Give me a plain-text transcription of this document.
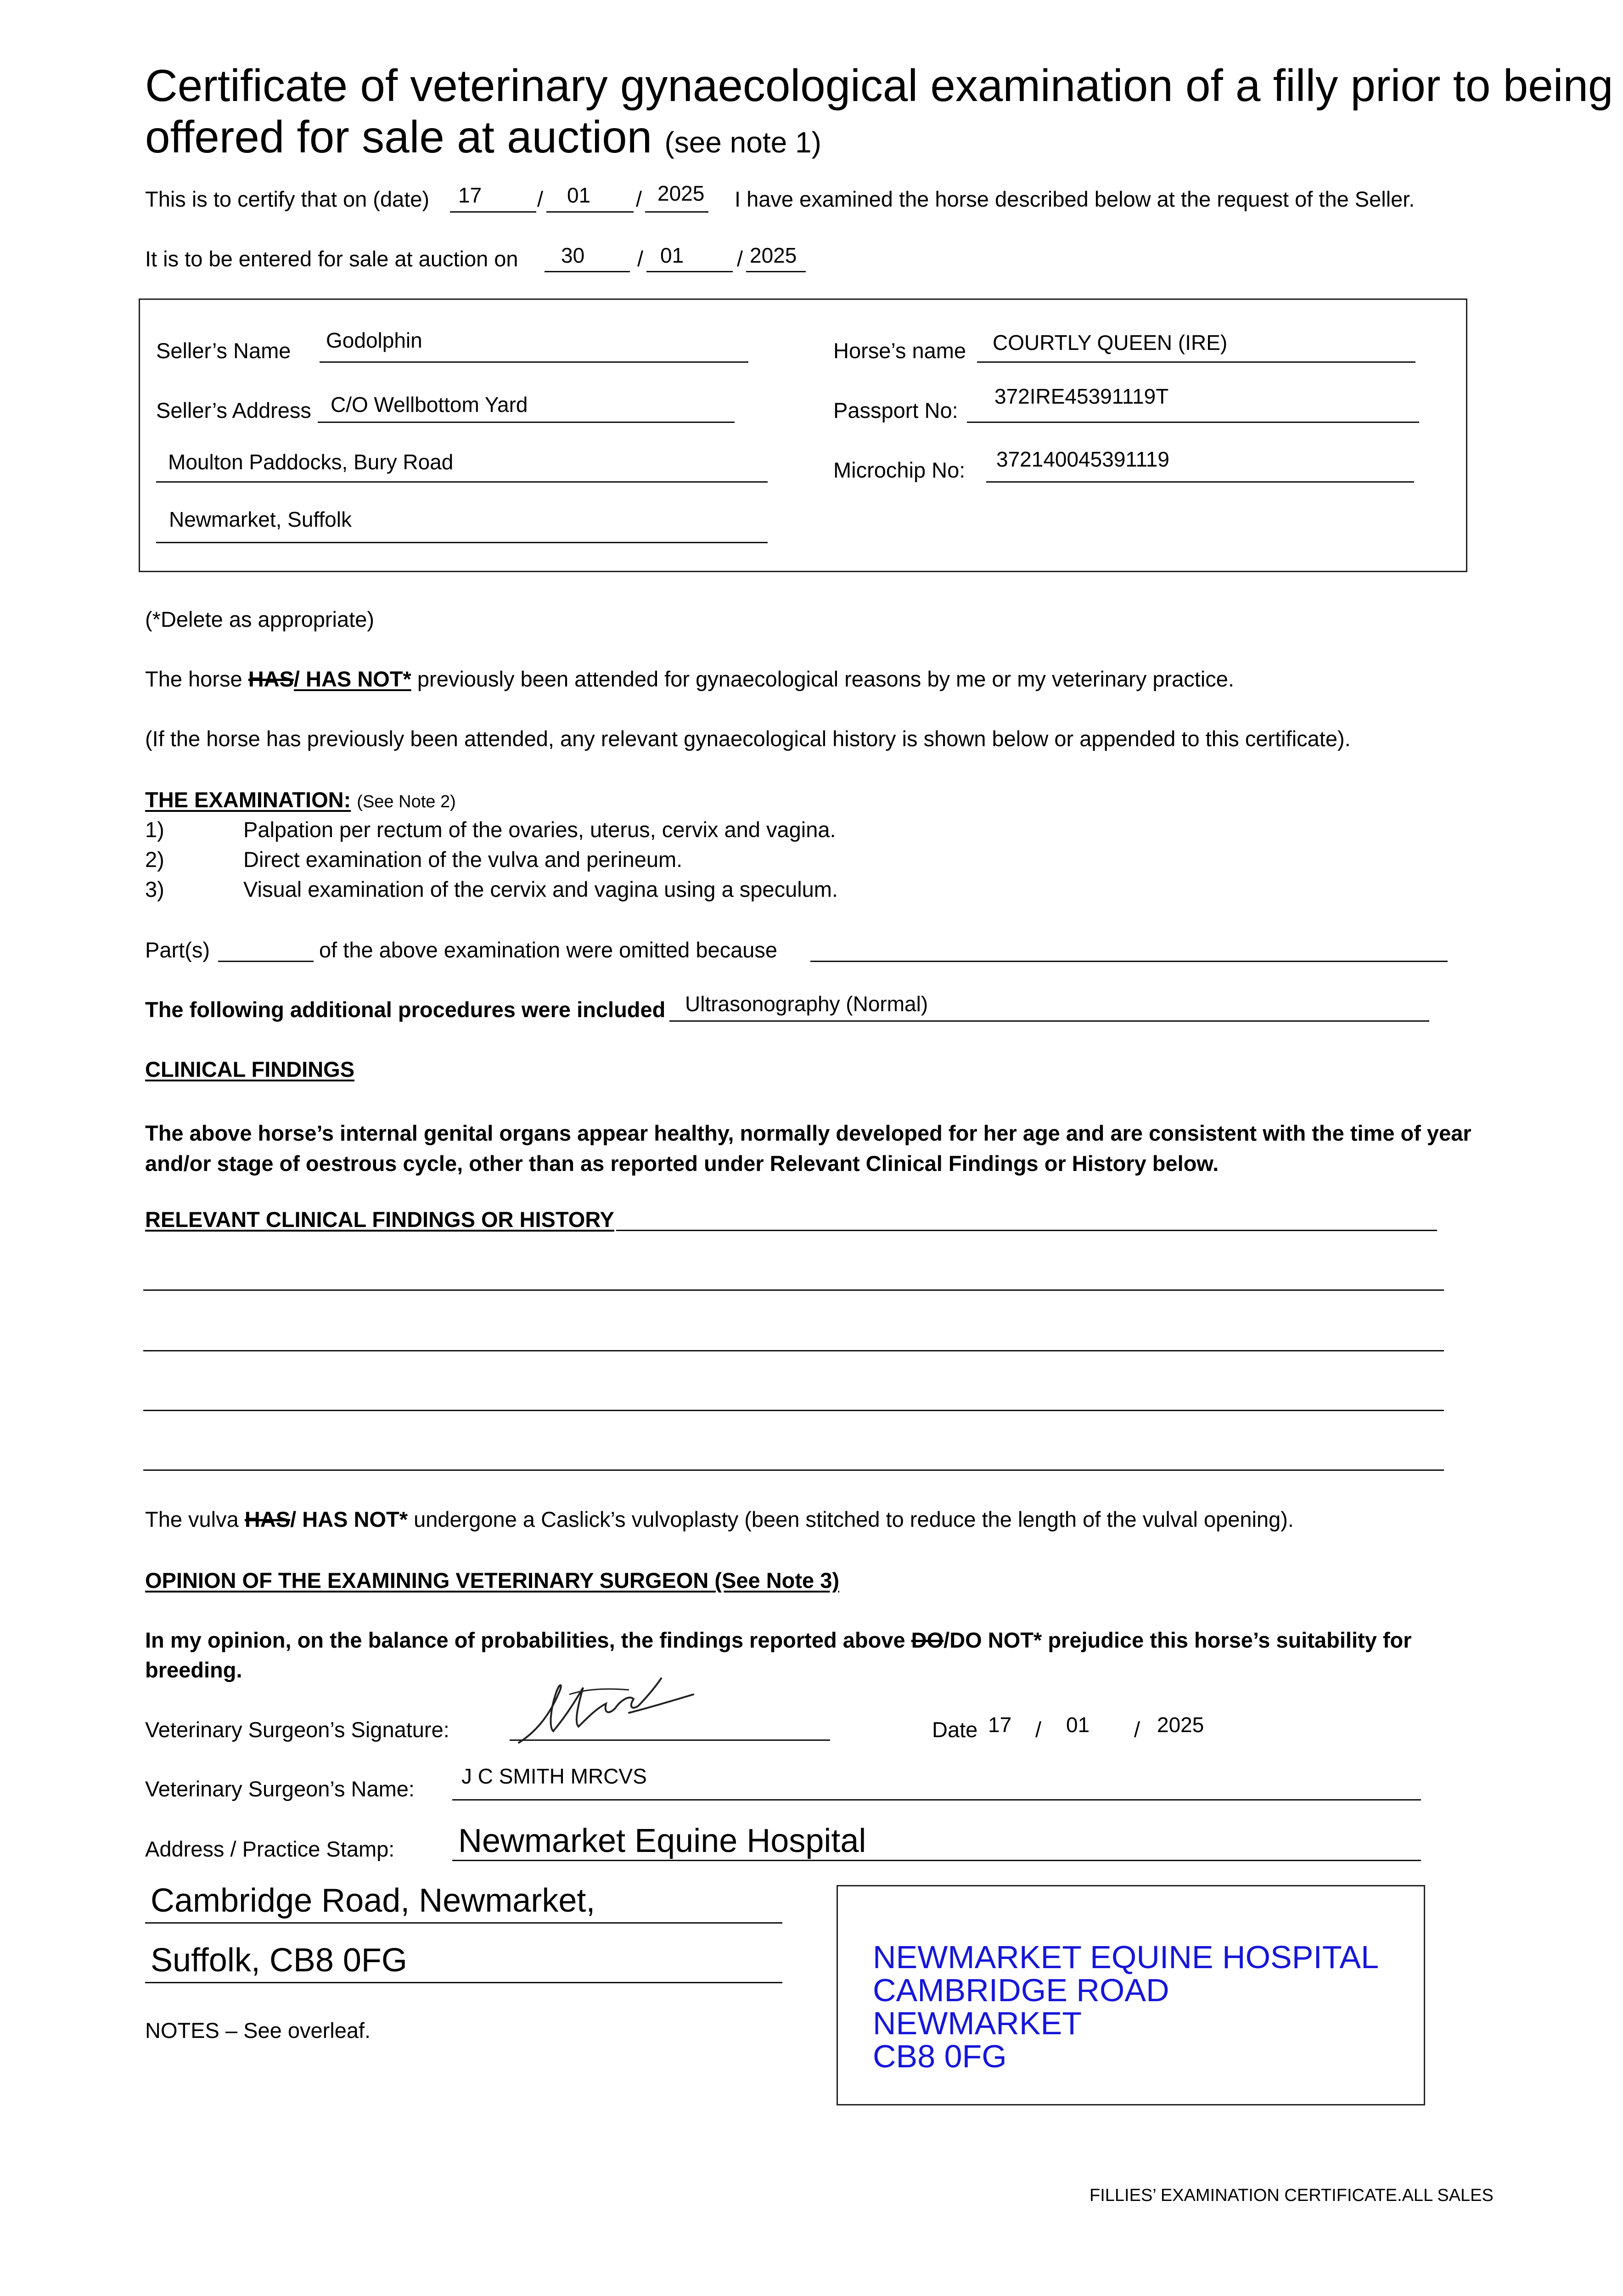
Certificate of veterinary gynaecological examination of a filly prior to being offered for sale at auction (see note 1)
This is to certify that on (date) 17	/ 01 / 2025 I have examined the horse described below at the request of the Seller.
It is to be entered for sale at auction on 30 / 01 / 2025
Seller’s Name Godolphin
Seller’s Address C/O Wellbottom Yard
Moulton Paddocks, Bury Road
Newmarket, Suffolk
Horse’s name COURTLY QUEEN (IRE)
Passport No:
372IRE45391119T
Microchip No: 372140045391119
(*Delete as appropriate)
The horse HAS/ HAS NOT* previously been attended for gynaecological reasons by me or my veterinary practice.
(If the horse has previously been attended, any relevant gynaecological history is shown below or appended to this certificate).
THE EXAMINATION: (See Note 2)
1)	Palpation per rectum of the ovaries, uterus, cervix and vagina.
2)	Direct examination of the vulva and perineum.
3)	Visual examination of the cervix and vagina using a speculum.
Part(s)	of the above examination were omitted because
The following additional procedures were included Ultrasonography (Normal)
CLINICAL FINDINGS
The above horse’s internal genital organs appear healthy, normally developed for her age and are consistent with the time of year and/or stage of oestrous cycle, other than as reported under Relevant Clinical Findings or History below.
RELEVANT CLINICAL FINDINGS OR HISTORY
The vulva HAS/ HAS NOT* undergone a Caslick’s vulvoplasty (been stitched to reduce the length of the vulval opening).
OPINION OF THE EXAMINING VETERINARY SURGEON (See Note 3)
In my opinion, on the balance of probabilities, the findings reported above DO/DO NOT* prejudice this horse’s suitability for
breeding.
Veterinary Surgeon’s Signature:	Date 17 / 01 / 2025
Veterinary Surgeon’s Name:
J C SMITH MRCVS
Address / Practice Stamp: Newmarket Equine Hospital
Cambridge Road, Newmarket,
Suffolk, CB8 0FG	NEWMARKET EQUINE HOSPITAL
CAMBRIDGE ROAD
NEWMARKET
CB8 0FG
NOTES – See overleaf.
FILLIES’ EXAMINATION CERTIFICATE.ALL SALES
